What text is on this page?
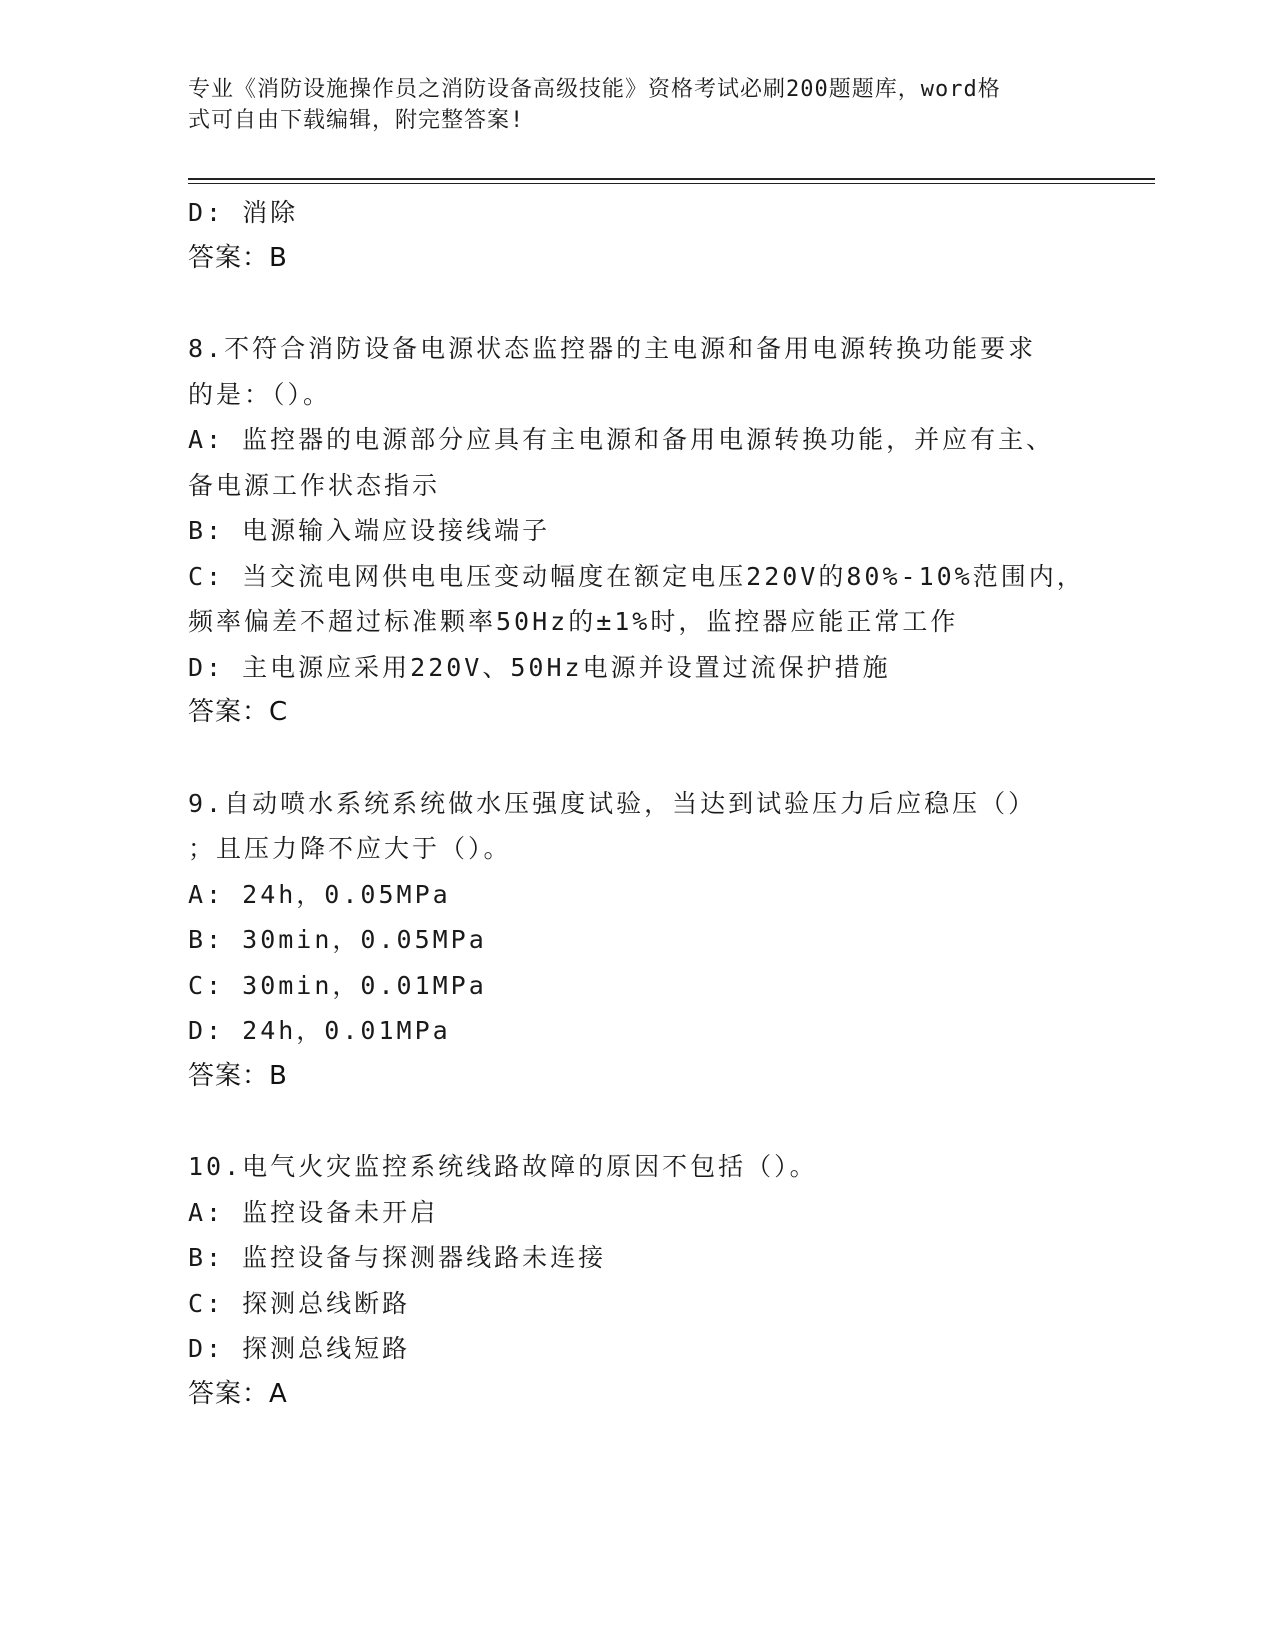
专业《消防设施操作员之消防设备高级技能》资格考试必刷200题题库，word格
式可自由下载编辑，附完整答案!
D: 消除
答案：B
8.不符合消防设备电源状态监控器的主电源和备用电源转换功能要求
的是：（）。
A: 监控器的电源部分应具有主电源和备用电源转换功能，并应有主、
备电源工作状态指示
B: 电源输入端应设接线端子
C: 当交流电网供电电压变动幅度在额定电压220V的80%-10%范围内，
频率偏差不超过标准颗率50Hz的±1%时，监控器应能正常工作
D: 主电源应采用220V、50Hz电源并设置过流保护措施
答案：C
9.自动喷水系统系统做水压强度试验，当达到试验压力后应稳压（）
；且压力降不应大于（）。
A: 24h，0.05MPa
B: 30min，0.05MPa
C: 30min，0.01MPa
D: 24h，0.01MPa
答案：B
10.电气火灾监控系统线路故障的原因不包括（）。
A: 监控设备未开启
B: 监控设备与探测器线路未连接
C: 探测总线断路
D: 探测总线短路
答案：A
